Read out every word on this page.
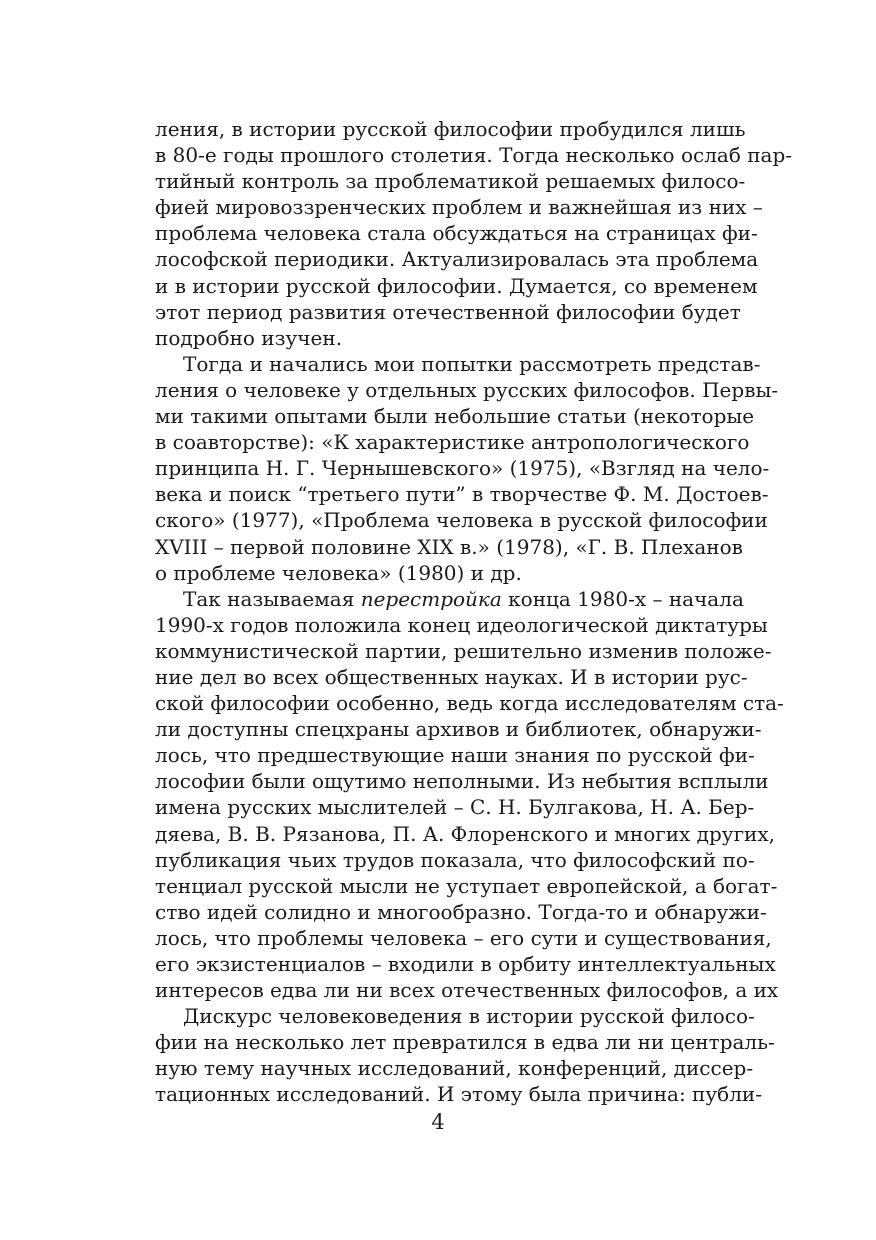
ления, в истории русской философии пробудился лишь
в 80-е годы прошлого столетия. Тогда несколько ослаб пар-
тийный контроль за проблематикой решаемых филосо-
фией мировоззренческих проблем и важнейшая из них –
проблема человека стала обсуждаться на страницах фи-
лософской периодики. Актуализировалась эта проблема
и в истории русской философии. Думается, со временем
этот период развития отечественной философии будет
подробно изучен.
Тогда и начались мои попытки рассмотреть представ-
ления о человеке у отдельных русских философов. Первы-
ми такими опытами были небольшие статьи (некоторые
в соавторстве): «К характеристике антропологического
принципа Н. Г. Чернышевского» (1975), «Взгляд на чело-
века и поиск “третьего пути” в творчестве Ф. М. Достоев-
ского» (1977), «Проблема человека в русской философии
XVIII – первой половине XIX в.» (1978), «Г. В. Плеханов
о проблеме человека» (1980) и др.
Так называемая перестройка конца 1980-х – начала
1990-х годов положила конец идеологической диктатуры
коммунистической партии, решительно изменив положе-
ние дел во всех общественных науках. И в истории рус-
ской философии особенно, ведь когда исследователям ста-
ли доступны спецхраны архивов и библиотек, обнаружи-
лось, что предшествующие наши знания по русской фи-
лософии были ощутимо неполными. Из небытия всплыли
имена русских мыслителей – С. Н. Булгакова, Н. А. Бер-
дяева, В. В. Рязанова, П. А. Флоренского и многих других,
публикация чьих трудов показала, что философский по-
тенциал русской мысли не уступает европейской, а богат-
ство идей солидно и многообразно. Тогда-то и обнаружи-
лось, что проблемы человека – его сути и существования,
его экзистенциалов – входили в орбиту интеллектуальных
интересов едва ли ни всех отечественных философов, а их
Дискурс человековедения в истории русской филосо-
фии на несколько лет превратился в едва ли ни централь-
ную тему научных исследований, конференций, диссер-
тационных исследований. И этому была причина: публи-
4
